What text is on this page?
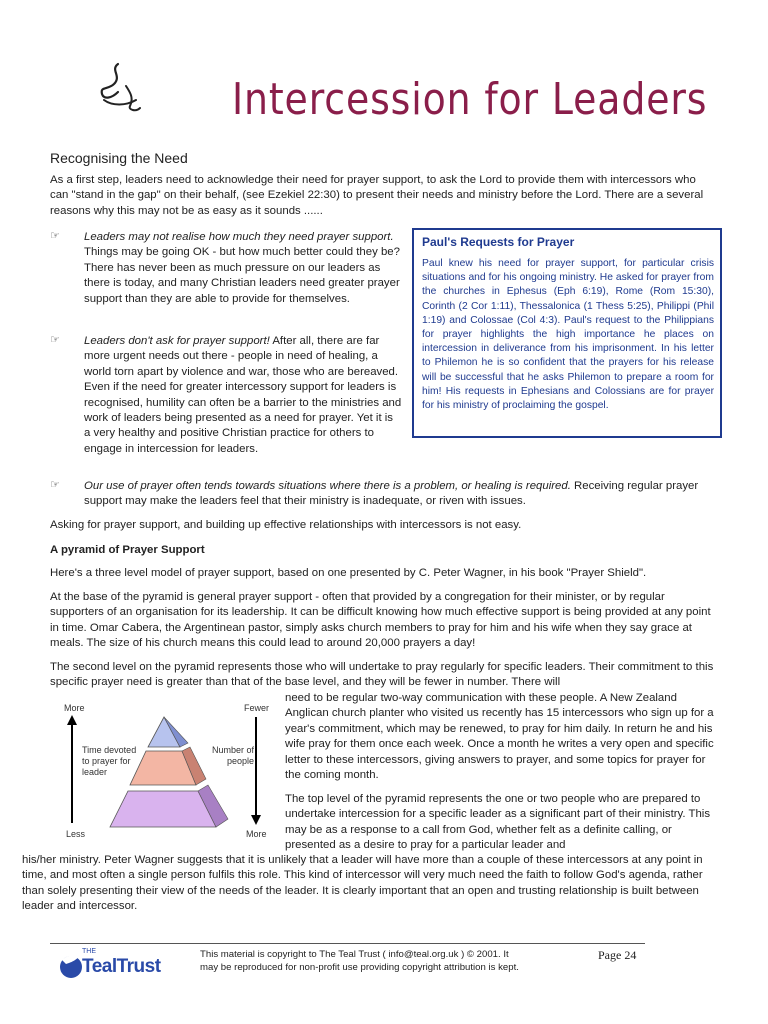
Intercession for Leaders
Recognising the Need
As a first step, leaders need to acknowledge their need for prayer support, to ask the Lord to provide them with intercessors who can "stand in the gap" on their behalf, (see Ezekiel 22:30) to present their needs and ministry before the Lord. There are a several reasons why this may not be as easy as it sounds ......
☞ Leaders may not realise how much they need prayer support. Things may be going OK - but how much better could they be? There has never been as much pressure on our leaders as there is today, and many Christian leaders need greater prayer support than they are able to provide for themselves.
☞ Leaders don't ask for prayer support! After all, there are far more urgent needs out there - people in need of healing, a world torn apart by violence and war, those who are bereaved. Even if the need for greater intercessory support for leaders is recognised, humility can often be a barrier to the ministries and work of leaders being presented as a need for prayer. Yet it is a very healthy and positive Christian practice for others to engage in intercession for leaders.
Paul's Requests for Prayer
Paul knew his need for prayer support, for particular crisis situations and for his ongoing ministry. He asked for prayer from the churches in Ephesus (Eph 6:19), Rome (Rom 15:30), Corinth (2 Cor 1:11), Thessalonica (1 Thess 5:25), Philippi (Phil 1:19) and Colossae (Col 4:3). Paul's request to the Philippians for prayer highlights the high importance he places on intercession in deliverance from his imprisonment. In his letter to Philemon he is so confident that the prayers for his release will be successful that he asks Philemon to prepare a room for him! His requests in Ephesians and Colossians are for prayer for his ministry of proclaiming the gospel.
☞ Our use of prayer often tends towards situations where there is a problem, or healing is required. Receiving regular prayer support may make the leaders feel that their ministry is inadequate, or riven with issues.
Asking for prayer support, and building up effective relationships with intercessors is not easy.
A pyramid of Prayer Support
Here's a three level model of prayer support, based on one presented by C. Peter Wagner, in his book "Prayer Shield".
At the base of the pyramid is general prayer support - often that provided by a congregation for their minister, or by regular supporters of an organisation for its leadership. It can be difficult knowing how much effective support is being provided at any point in time. Omar Cabera, the Argentinean pastor, simply asks church members to pray for him and his wife when they say grace at meals. The size of his church means this could lead to around 20,000 prayers a day!
The second level on the pyramid represents those who will undertake to pray regularly for specific leaders. Their commitment to this specific prayer need is greater than that of the base level, and they will be fewer in number. There will
need to be regular two-way communication with these people. A New Zealand Anglican church planter who visited us recently has 15 intercessors who sign up for a year's commitment, which may be renewed, to pray for him daily. In return he and his wife pray for them once each week. Once a month he writes a very open and specific letter to these intercessors, giving answers to prayer, and some topics for prayer for the coming month.
The top level of the pyramid represents the one or two people who are prepared to undertake intercession for a specific leader as a significant part of their ministry. This may be as a response to a call from God, whether felt as a definite calling, or presented as a desire to pray for a particular leader and
his/her ministry. Peter Wagner suggests that it is unlikely that a leader will have more than a couple of these intercessors at any point in time, and most often a single person fulfils this role. This kind of intercessor will very much need the faith to follow God's agenda, rather than solely presenting their view of the needs of the leader. It is clearly important that an open and trusting relationship is built between leader and intercessor.
More	Fewer
Less	More
Time devoted
to prayer for
leader
Number of
people
THE
TealTrust
This material is copyright to The Teal Trust ( info@teal.org.uk ) © 2001. It
may be reproduced for non-profit use providing copyright attribution is kept.
Page 24
